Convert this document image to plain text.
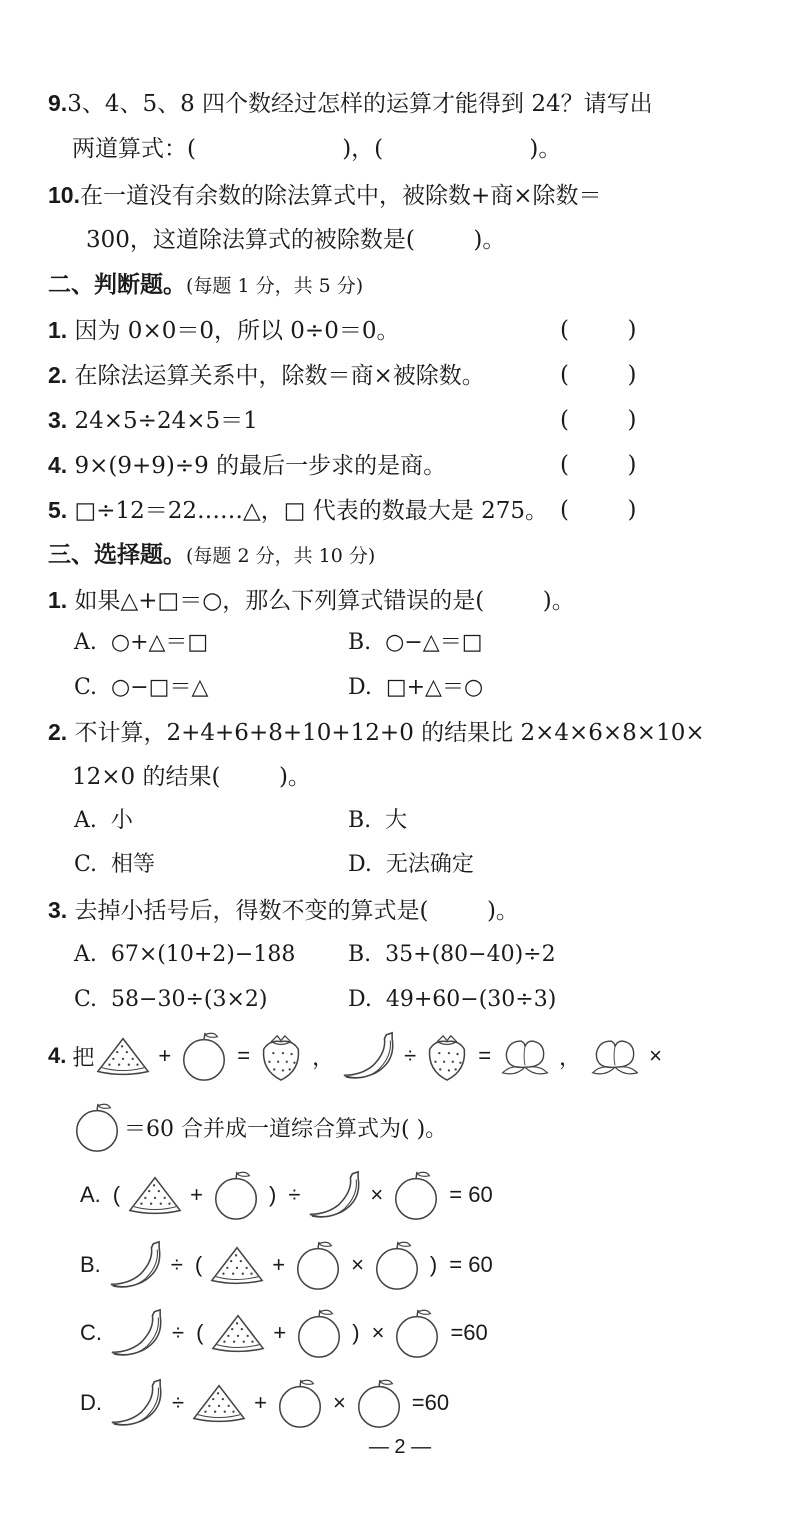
9.3、4、5、8 四个数经过怎样的运算才能得到 24？请写出
两道算式：(                    )，(                    )。
10.在一道没有余数的除法算式中，被除数+商×除数＝
300，这道除法算式的被除数是(        )。
二、判断题。(每题 1 分，共 5 分)
1. 因为 0×0＝0，所以 0÷0＝0。	(        )
2. 在除法运算关系中，除数＝商×被除数。	(        )
3. 24×5÷24×5＝1	(        )
4. 9×(9+9)÷9 的最后一步求的是商。	(        )
5. □÷12＝22……△，□ 代表的数最大是 275。 (        )
三、选择题。(每题 2 分，共 10 分)
1. 如果△+□＝○，那么下列算式错误的是(        )。
A.  ○+△＝□	B.  ○−△＝□
C.  ○−□＝△	D.  □+△＝○
2. 不计算，2+4+6+8+10+12+0 的结果比 2×4×6×8×10×
12×0 的结果(        )。
A.  小	B.  大
C.  相等	D.  无法确定
3. 去掉小括号后，得数不变的算式是(        )。
A.  67×(10+2)−188 B.  35+(80−40)÷2
C.  58−30÷(3×2)	D.  49+60−(30÷3)
4. 把	+	=	，	÷	=	，	×
＝60 合并成一道综合算式为( )。
A. (	+	) ÷	×	= 60
B.	÷ (	+	×	) = 60
C.	÷ (	+	) ×	=60
D.	÷	+	×	=60
— 2 —
